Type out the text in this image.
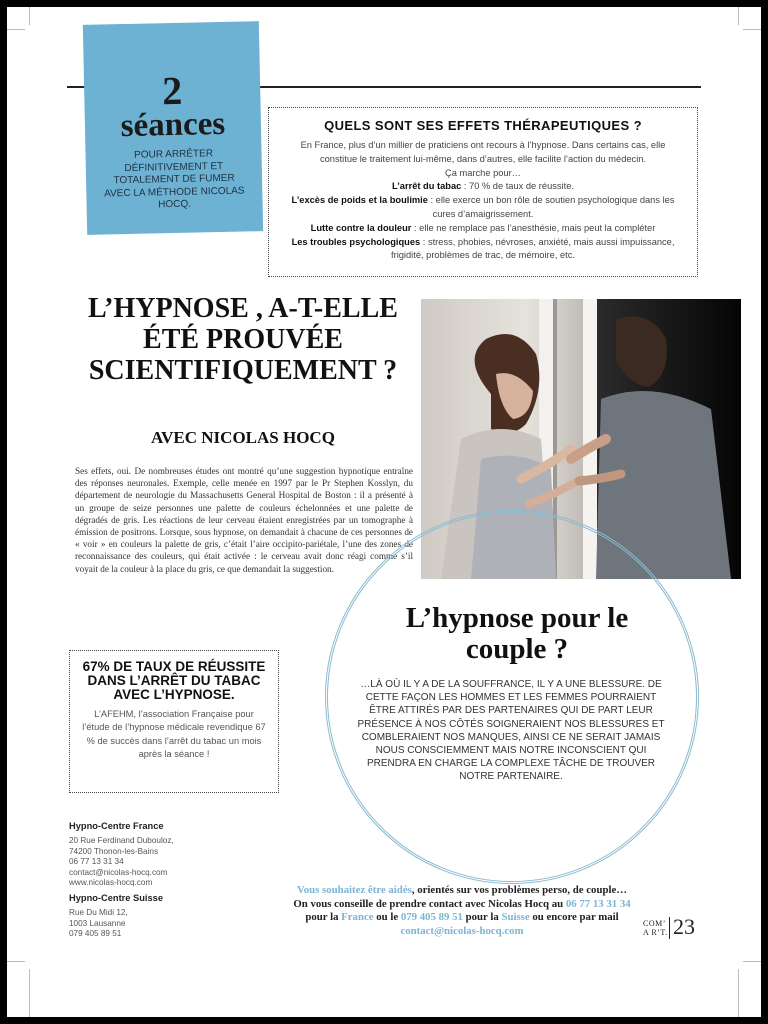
2
séances
POUR ARRÊTER DÉFINITIVEMENT ET TOTALEMENT DE FUMER AVEC LA MÉTHODE NICOLAS HOCQ.
QUELS SONT SES EFFETS THÉRAPEUTIQUES ?
En France, plus d’un millier de praticiens ont recours à l’hypnose. Dans certains cas, elle constitue le traitement lui-même, dans d’autres, elle facilite l’action du médecin.
Ça marche pour…
L’arrêt du tabac : 70 % de taux de réussite.
L’excès de poids et la boulimie : elle exerce un bon rôle de soutien psychologique dans les cures d’amaigrissement.
Lutte contre la douleur : elle ne remplace pas l’anesthésie, mais peut la compléter
Les troubles psychologiques : stress, phobies, névroses, anxiété, mais aussi impuissance, frigidité, problèmes de trac, de mémoire, etc.
L’HYPNOSE , A-T-ELLE ÉTÉ PROUVÉE SCIENTIFIQUEMENT ?
AVEC NICOLAS HOCQ
Ses effets, oui. De nombreuses études ont montré qu’une suggestion hypnotique entraîne des réponses neuronales. Exemple, celle menée en 1997 par le Pr Stephen Kosslyn, du département de neurologie du Massachusetts General Hospital de Boston : il a présenté à un groupe de seize personnes une palette de couleurs échelonnées et une palette de dégradés de gris. Les réactions de leur cerveau étaient enregistrées par un tomographe à émission de positrons. Lorsque, sous hypnose, on demandait à chacune de ces personnes de « voir » en couleurs la palette de gris, c’était l’aire occipito-pariétale, l’une des zones de reconnaissance des couleurs, qui était activée : le cerveau avait donc réagi comme s’il voyait de la couleur à la place du gris, ce que demandait la suggestion.
L’hypnose pour le couple ?
…LÀ OÙ IL Y A DE LA SOUFFRANCE, IL Y A UNE BLESSURE. DE CETTE FAÇON LES HOMMES ET LES FEMMES POURRAIENT ÊTRE ATTIRÉS PAR DES PARTENAIRES QUI DE PART LEUR PRÉSENCE À NOS CÔTÉS SOIGNERAIENT NOS BLESSURES ET COMBLERAIENT NOS MANQUES, AINSI CE NE SERAIT JAMAIS NOUS CONSCIEMMENT MAIS NOTRE INCONSCIENT QUI PRENDRA EN CHARGE LA COMPLEXE TÂCHE DE TROUVER NOTRE PARTENAIRE.
67% DE TAUX DE RÉUSSITE DANS L’ARRÊT DU TABAC AVEC L’HYPNOSE.

L’AFEHM, l’association Française pour l’étude de l’hypnose médicale revendique 67 % de succès dans l’arrêt du tabac un mois après la séance !

Hypno-Centre France
20 Rue Ferdinand Dubouloz,
74200 Thonon-les-Bains
06 77 13 31 34
contact@nicolas-hocq.com
www.nicolas-hocq.com
Hypno-Centre Suisse
Rue Du Midi 12,
1003 Lausanne
079 405 89 51
Vous souhaitez être aidés, orientés sur vos problèmes perso, de couple… On vous conseille de prendre contact avec Nicolas Hocq au 06 77 13 31 34 pour la France ou le 079 405 89 51 pour la Suisse ou encore par mail contact@nicolas-hocq.com
COM’
A R’T. 23
